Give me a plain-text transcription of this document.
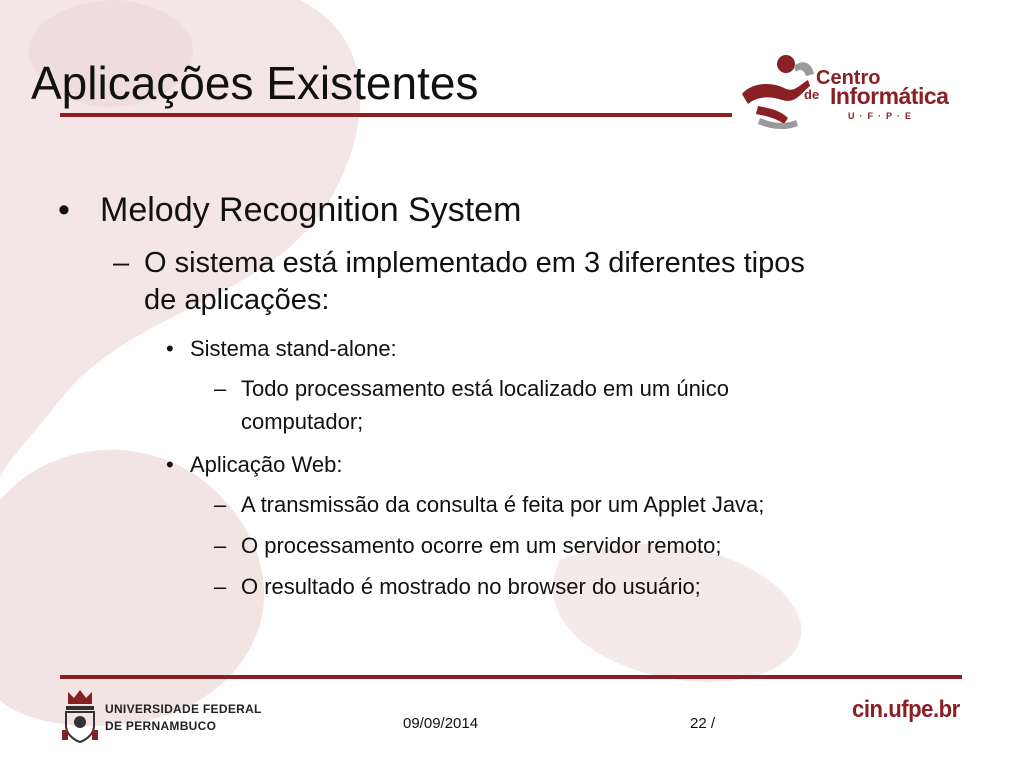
Aplicações Existentes	Centro
de Informática
U·F·P·E
• Melody Recognition System
– O sistema está implementado em 3 diferentes tipos
de aplicações:
• Sistema stand-alone:
– Todo processamento está localizado em um único
computador;
• Aplicação Web:
– A transmissão da consulta é feita por um Applet Java;
– O processamento ocorre em um servidor remoto;
– O resultado é mostrado no browser do usuário;
UNIVERSIDADE FEDERAL
DE PERNAMBUCO	09/09/2014	22 /
cin.ufpe.br
